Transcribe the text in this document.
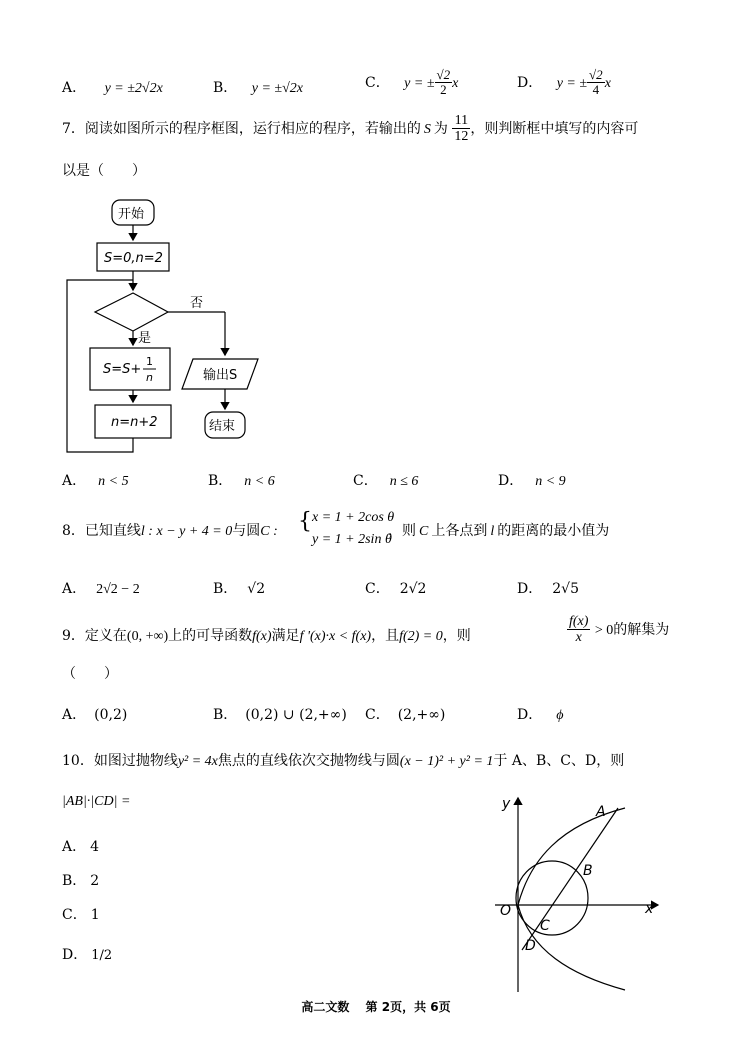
A． y = ±2√2x	B． y = ±√2x	C． y = ± $\frac{√2}{2}$ x	D． y = ± $\frac{√2}{4}$ x
7．阅读如图所示的程序框图，运行相应的程序，若输出的 S 为 $\frac{11}{12}$ ，则判断框中填写的内容可
以是（　　）
开始
S=0,n=2
否
是
S=S+
1
n
n=n+2
输出S
结束
A． n < 5	B． n < 6	C． n ≤ 6	D． n < 9
8．已知直线l : x − y + 4 = 0与圆C : { x = 1 + 2cos θ
y = 1 + 2sin θ
，则 C 上各点到 l 的距离的最小值为
A． 2√2 − 2	B． √2	C． 2√2	D． 2√5
9．定义在(0, +∞)上的可导函数f(x)满足f '(x)·x < f(x)，且f(2) = 0，则	$\frac{f(x)}{x} > 0$的解集为
（　　）
A． (0,2)	B． (0,2) ∪ (2,+∞) C． (2,+∞)	D． ϕ
10．如图过抛物线y² = 4x焦点的直线依次交抛物线与圆(x − 1)² + y² = 1于 A、B、C、D，则
|AB|·|CD| =
A． 4
B． 2
C． 1
D． 1/2
y
x
O
A
B
C
D
高二文数　 第 2页，共 6页
